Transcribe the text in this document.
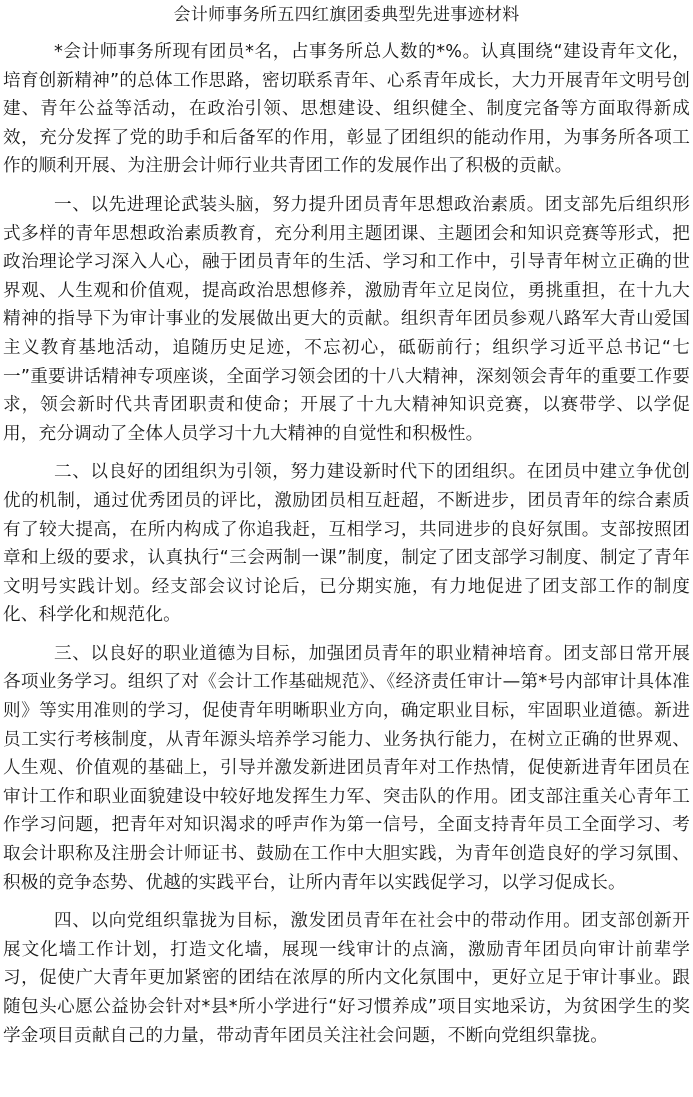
会计师事务所五四红旗团委典型先进事迹材料

*会计师事务所现有团员*名，占事务所总人数的*%。认真围绕“建设青年文化，培育创新精神”的总体工作思路，密切联系青年、心系青年成长，大力开展青年文明号创建、青年公益等活动，在政治引领、思想建设、组织健全、制度完备等方面取得新成效，充分发挥了党的助手和后备军的作用，彰显了团组织的能动作用，为事务所各项工作的顺利开展、为注册会计师行业共青团工作的发展作出了积极的贡献。

一、以先进理论武装头脑，努力提升团员青年思想政治素质。团支部先后组织形式多样的青年思想政治素质教育，充分利用主题团课、主题团会和知识竞赛等形式，把政治理论学习深入人心，融于团员青年的生活、学习和工作中，引导青年树立正确的世界观、人生观和价值观，提高政治思想修养，激励青年立足岗位，勇挑重担，在十九大精神的指导下为审计事业的发展做出更大的贡献。组织青年团员参观八路军大青山爱国主义教育基地活动，追随历史足迹，不忘初心，砥砺前行；组织学习近平总书记“七一”重要讲话精神专项座谈，全面学习领会团的十八大精神，深刻领会青年的重要工作要求，领会新时代共青团职责和使命；开展了十九大精神知识竞赛，以赛带学、以学促用，充分调动了全体人员学习十九大精神的自觉性和积极性。

二、以良好的团组织为引领，努力建设新时代下的团组织。在团员中建立争优创优的机制，通过优秀团员的评比，激励团员相互赶超，不断进步，团员青年的综合素质有了较大提高，在所内构成了你追我赶，互相学习，共同进步的良好氛围。支部按照团章和上级的要求，认真执行“三会两制一课”制度，制定了团支部学习制度、制定了青年文明号实践计划。经支部会议讨论后，已分期实施，有力地促进了团支部工作的制度化、科学化和规范化。

三、以良好的职业道德为目标，加强团员青年的职业精神培育。团支部日常开展各项业务学习。组织了对《会计工作基础规范》、《经济责任审计—第*号内部审计具体准则》等实用准则的学习，促使青年明晰职业方向，确定职业目标，牢固职业道德。新进员工实行考核制度，从青年源头培养学习能力、业务执行能力，在树立正确的世界观、人生观、价值观的基础上，引导并激发新进团员青年对工作热情，促使新进青年团员在审计工作和职业面貌建设中较好地发挥生力军、突击队的作用。团支部注重关心青年工作学习问题，把青年对知识渴求的呼声作为第一信号，全面支持青年员工全面学习、考取会计职称及注册会计师证书、鼓励在工作中大胆实践，为青年创造良好的学习氛围、积极的竞争态势、优越的实践平台，让所内青年以实践促学习，以学习促成长。

四、以向党组织靠拢为目标，激发团员青年在社会中的带动作用。团支部创新开展文化墙工作计划，打造文化墙，展现一线审计的点滴，激励青年团员向审计前辈学习，促使广大青年更加紧密的团结在浓厚的所内文化氛围中，更好立足于审计事业。跟随包头心愿公益协会针对*县*所小学进行“好习惯养成”项目实地采访，为贫困学生的奖学金项目贡献自己的力量，带动青年团员关注社会问题，不断向党组织靠拢。
